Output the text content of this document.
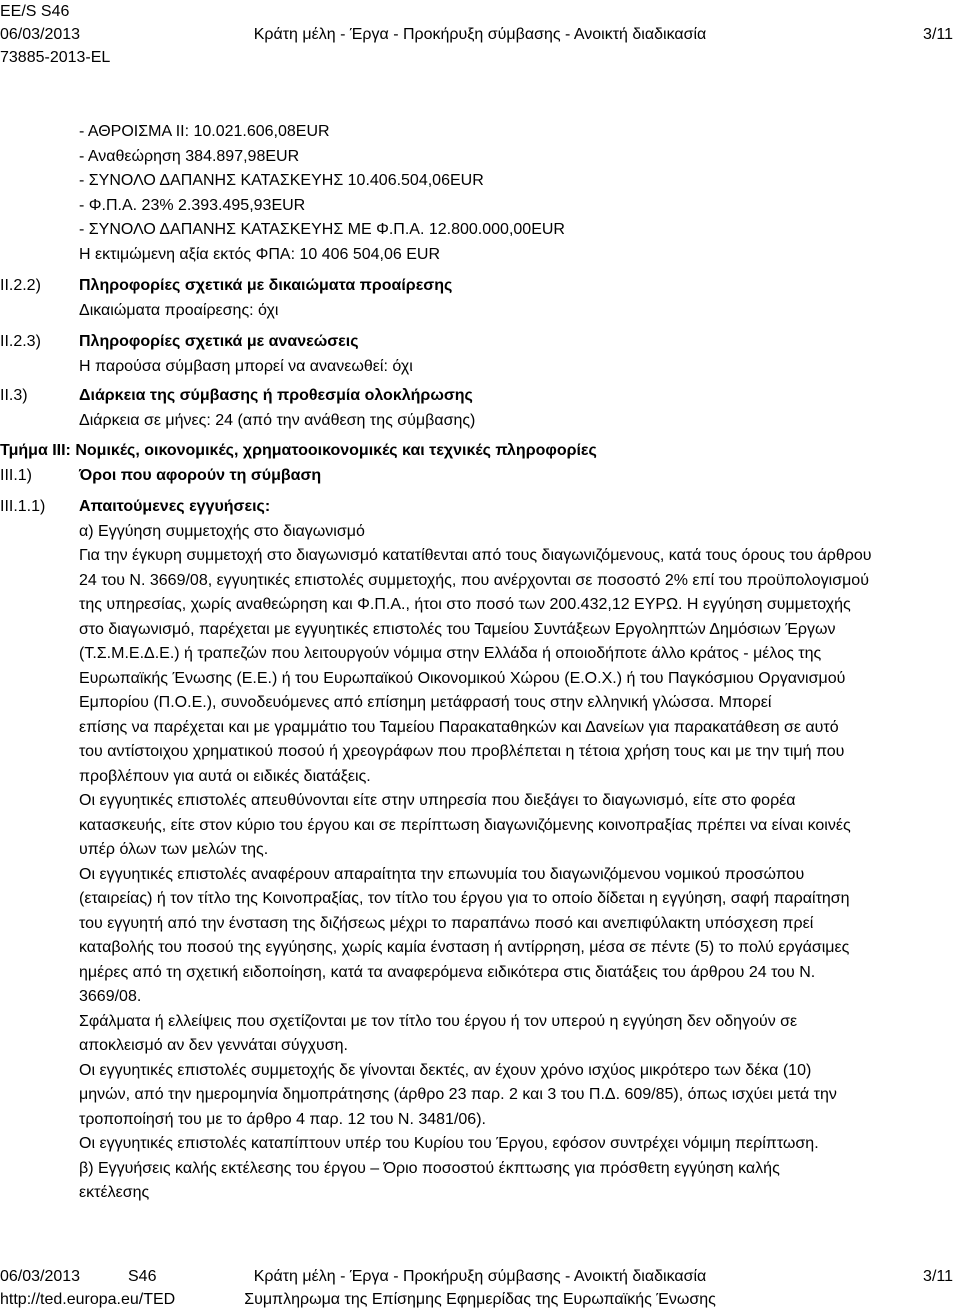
EE/S S46
06/03/2013	Κράτη μέλη - Έργα - Προκήρυξη σύμβασης - Ανοικτή διαδικασία	3/11
73885-2013-EL
- ΑΘΡΟΙΣΜΑ ΙΙ: 10.021.606,08EUR
- Αναθεώρηση 384.897,98EUR
- ΣΥΝΟΛΟ ΔΑΠΑΝΗΣ ΚΑΤΑΣΚΕΥΗΣ 10.406.504,06EUR
- Φ.Π.Α. 23% 2.393.495,93EUR
- ΣΥΝΟΛΟ ΔΑΠΑΝΗΣ ΚΑΤΑΣΚΕΥΗΣ ΜΕ Φ.Π.Α. 12.800.000,00EUR
Η εκτιμώμενη αξία εκτός ΦΠΑ: 10 406 504,06 EUR
II.2.2) Πληροφορίες σχετικά με δικαιώματα προαίρεσης
Δικαιώματα προαίρεσης: όχι
II.2.3) Πληροφορίες σχετικά με ανανεώσεις
Η παρούσα σύμβαση μπορεί να ανανεωθεί: όχι
II.3)	Διάρκεια της σύμβασης ή προθεσμία ολοκλήρωσης
Διάρκεια σε μήνες: 24 (από την ανάθεση της σύμβασης)
Τμήμα III: Νομικές, οικονομικές, χρηματοοικονομικές και τεχνικές πληροφορίες
III.1)	Όροι που αφορούν τη σύμβαση
III.1.1) Απαιτούμενες εγγυήσεις:
α) Εγγύηση συμμετοχής στο διαγωνισμό
Για την έγκυρη συμμετοχή στο διαγωνισμό κατατίθενται από τους διαγωνιζόμενους, κατά τους όρους του άρθρου
24 του Ν. 3669/08, εγγυητικές επιστολές συμμετοχής, που ανέρχονται σε ποσοστό 2% επί του προϋπολογισμού
της υπηρεσίας, χωρίς αναθεώρηση και Φ.Π.Α., ήτοι στο ποσό των 200.432,12 ΕΥΡΩ. Η εγγύηση συμμετοχής
στο διαγωνισμό, παρέχεται με εγγυητικές επιστολές του Ταμείου Συντάξεων Εργοληπτών Δημόσιων Έργων
(Τ.Σ.Μ.Ε.Δ.Ε.) ή τραπεζών που λειτουργούν νόμιμα στην Ελλάδα ή οποιοδήποτε άλλο κράτος - μέλος της
Ευρωπαϊκής Ένωσης (Ε.Ε.) ή του Ευρωπαϊκού Οικονομικού Χώρου (Ε.Ο.Χ.) ή του Παγκόσμιου Οργανισμού
Εμπορίου (Π.Ο.Ε.), συνοδευόμενες από επίσημη μετάφρασή τους στην ελληνική γλώσσα. Μπορεί
επίσης να παρέχεται και με γραμμάτιο του Ταμείου Παρακαταθηκών και Δανείων για παρακατάθεση σε αυτό
του αντίστοιχου χρηματικού ποσού ή χρεογράφων που προβλέπεται η τέτοια χρήση τους και με την τιμή που
προβλέπουν για αυτά οι ειδικές διατάξεις.
Οι εγγυητικές επιστολές απευθύνονται είτε στην υπηρεσία που διεξάγει το διαγωνισμό, είτε στο φορέα
κατασκευής, είτε στον κύριο του έργου και σε περίπτωση διαγωνιζόμενης κοινοπραξίας πρέπει να είναι κοινές
υπέρ όλων των μελών της.
Οι εγγυητικές επιστολές αναφέρουν απαραίτητα την επωνυμία του διαγωνιζόμενου νομικού προσώπου
(εταιρείας) ή τον τίτλο της Κοινοπραξίας, τον τίτλο του έργου για το οποίο δίδεται η εγγύηση, σαφή παραίτηση
του εγγυητή από την ένσταση της διζήσεως μέχρι το παραπάνω ποσό και ανεπιφύλακτη υπόσχεση πρεί
καταβολής του ποσού της εγγύησης, χωρίς καμία ένσταση ή αντίρρηση, μέσα σε πέντε (5) το πολύ εργάσιμες
ημέρες από τη σχετική ειδοποίηση, κατά τα αναφερόμενα ειδικότερα στις διατάξεις του άρθρου 24 του Ν.
3669/08.
Σφάλματα ή ελλείψεις που σχετίζονται με τον τίτλο του έργου ή τον υπερού η εγγύηση δεν οδηγούν σε
αποκλεισμό αν δεν γεννάται σύγχυση.
Οι εγγυητικές επιστολές συμμετοχής δε γίνονται δεκτές, αν έχουν χρόνο ισχύος μικρότερο των δέκα (10)
μηνών, από την ημερομηνία δημοπράτησης (άρθρο 23 παρ. 2 και 3 του Π.Δ. 609/85), όπως ισχύει μετά την
τροποποίησή του με το άρθρο 4 παρ. 12 του Ν. 3481/06).
Οι εγγυητικές επιστολές καταπίπτουν υπέρ του Κυρίου του Έργου, εφόσον συντρέχει νόμιμη περίπτωση.
β) Εγγυήσεις καλής εκτέλεσης του έργου – Όριο ποσοστού έκπτωσης για πρόσθετη εγγύηση καλής
εκτέλεσης
06/03/2013	S46	Κράτη μέλη - Έργα - Προκήρυξη σύμβασης - Ανοικτή διαδικασία	3/11
http://ted.europa.eu/TED	Συμπληρωμα της Επίσημης Εφημερίδας της Ευρωπαϊκής Ένωσης
